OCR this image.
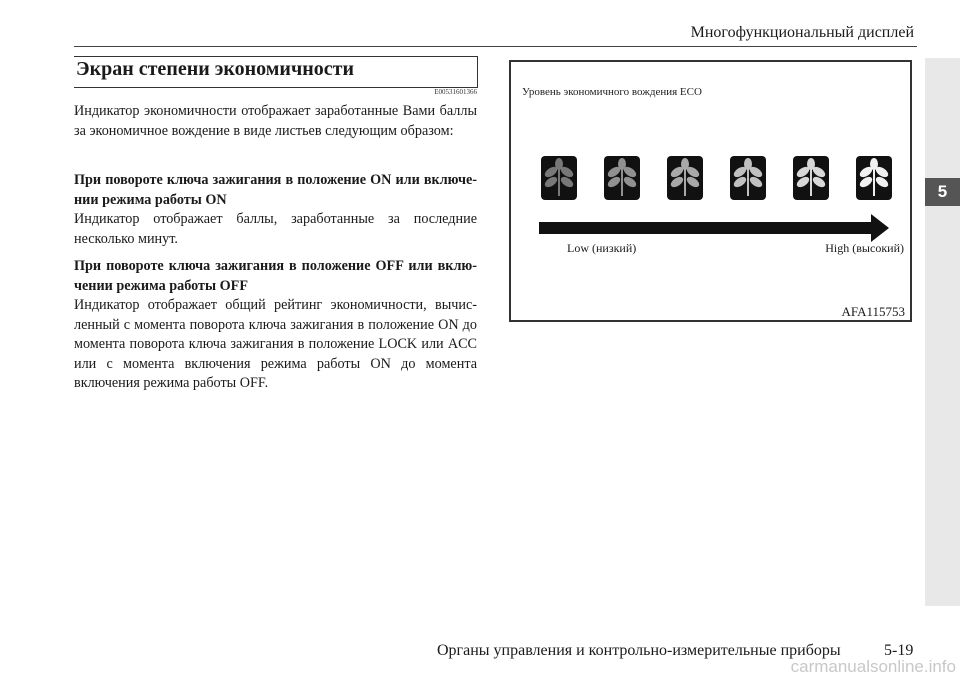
Многофункциональный дисплей
5
Экран степени экономичности
E00531601366

Индикатор экономичности отображает заработанные Вами баллы за экономичное вождение в виде листьев следующим образом:

При повороте ключа зажигания в положение ON или включе-нии режима работы ON

Индикатор отображает баллы, заработанные за последние несколько минут.

При повороте ключа зажигания в положение OFF или вклю-чении режима работы OFF

Индикатор отображает общий рейтинг экономичности, вычис-ленный с момента поворота ключа зажигания в положение ON до момента поворота ключа зажигания в положение LOCK или ACC или с момента включения режима работы ON до момента включения режима работы OFF.

Уровень экономичного вождения ECO
Low (низкий)	High (высокий)
AFA115753
Органы управления и контрольно-измерительные приборы	5-19
carmanualsonline.info
